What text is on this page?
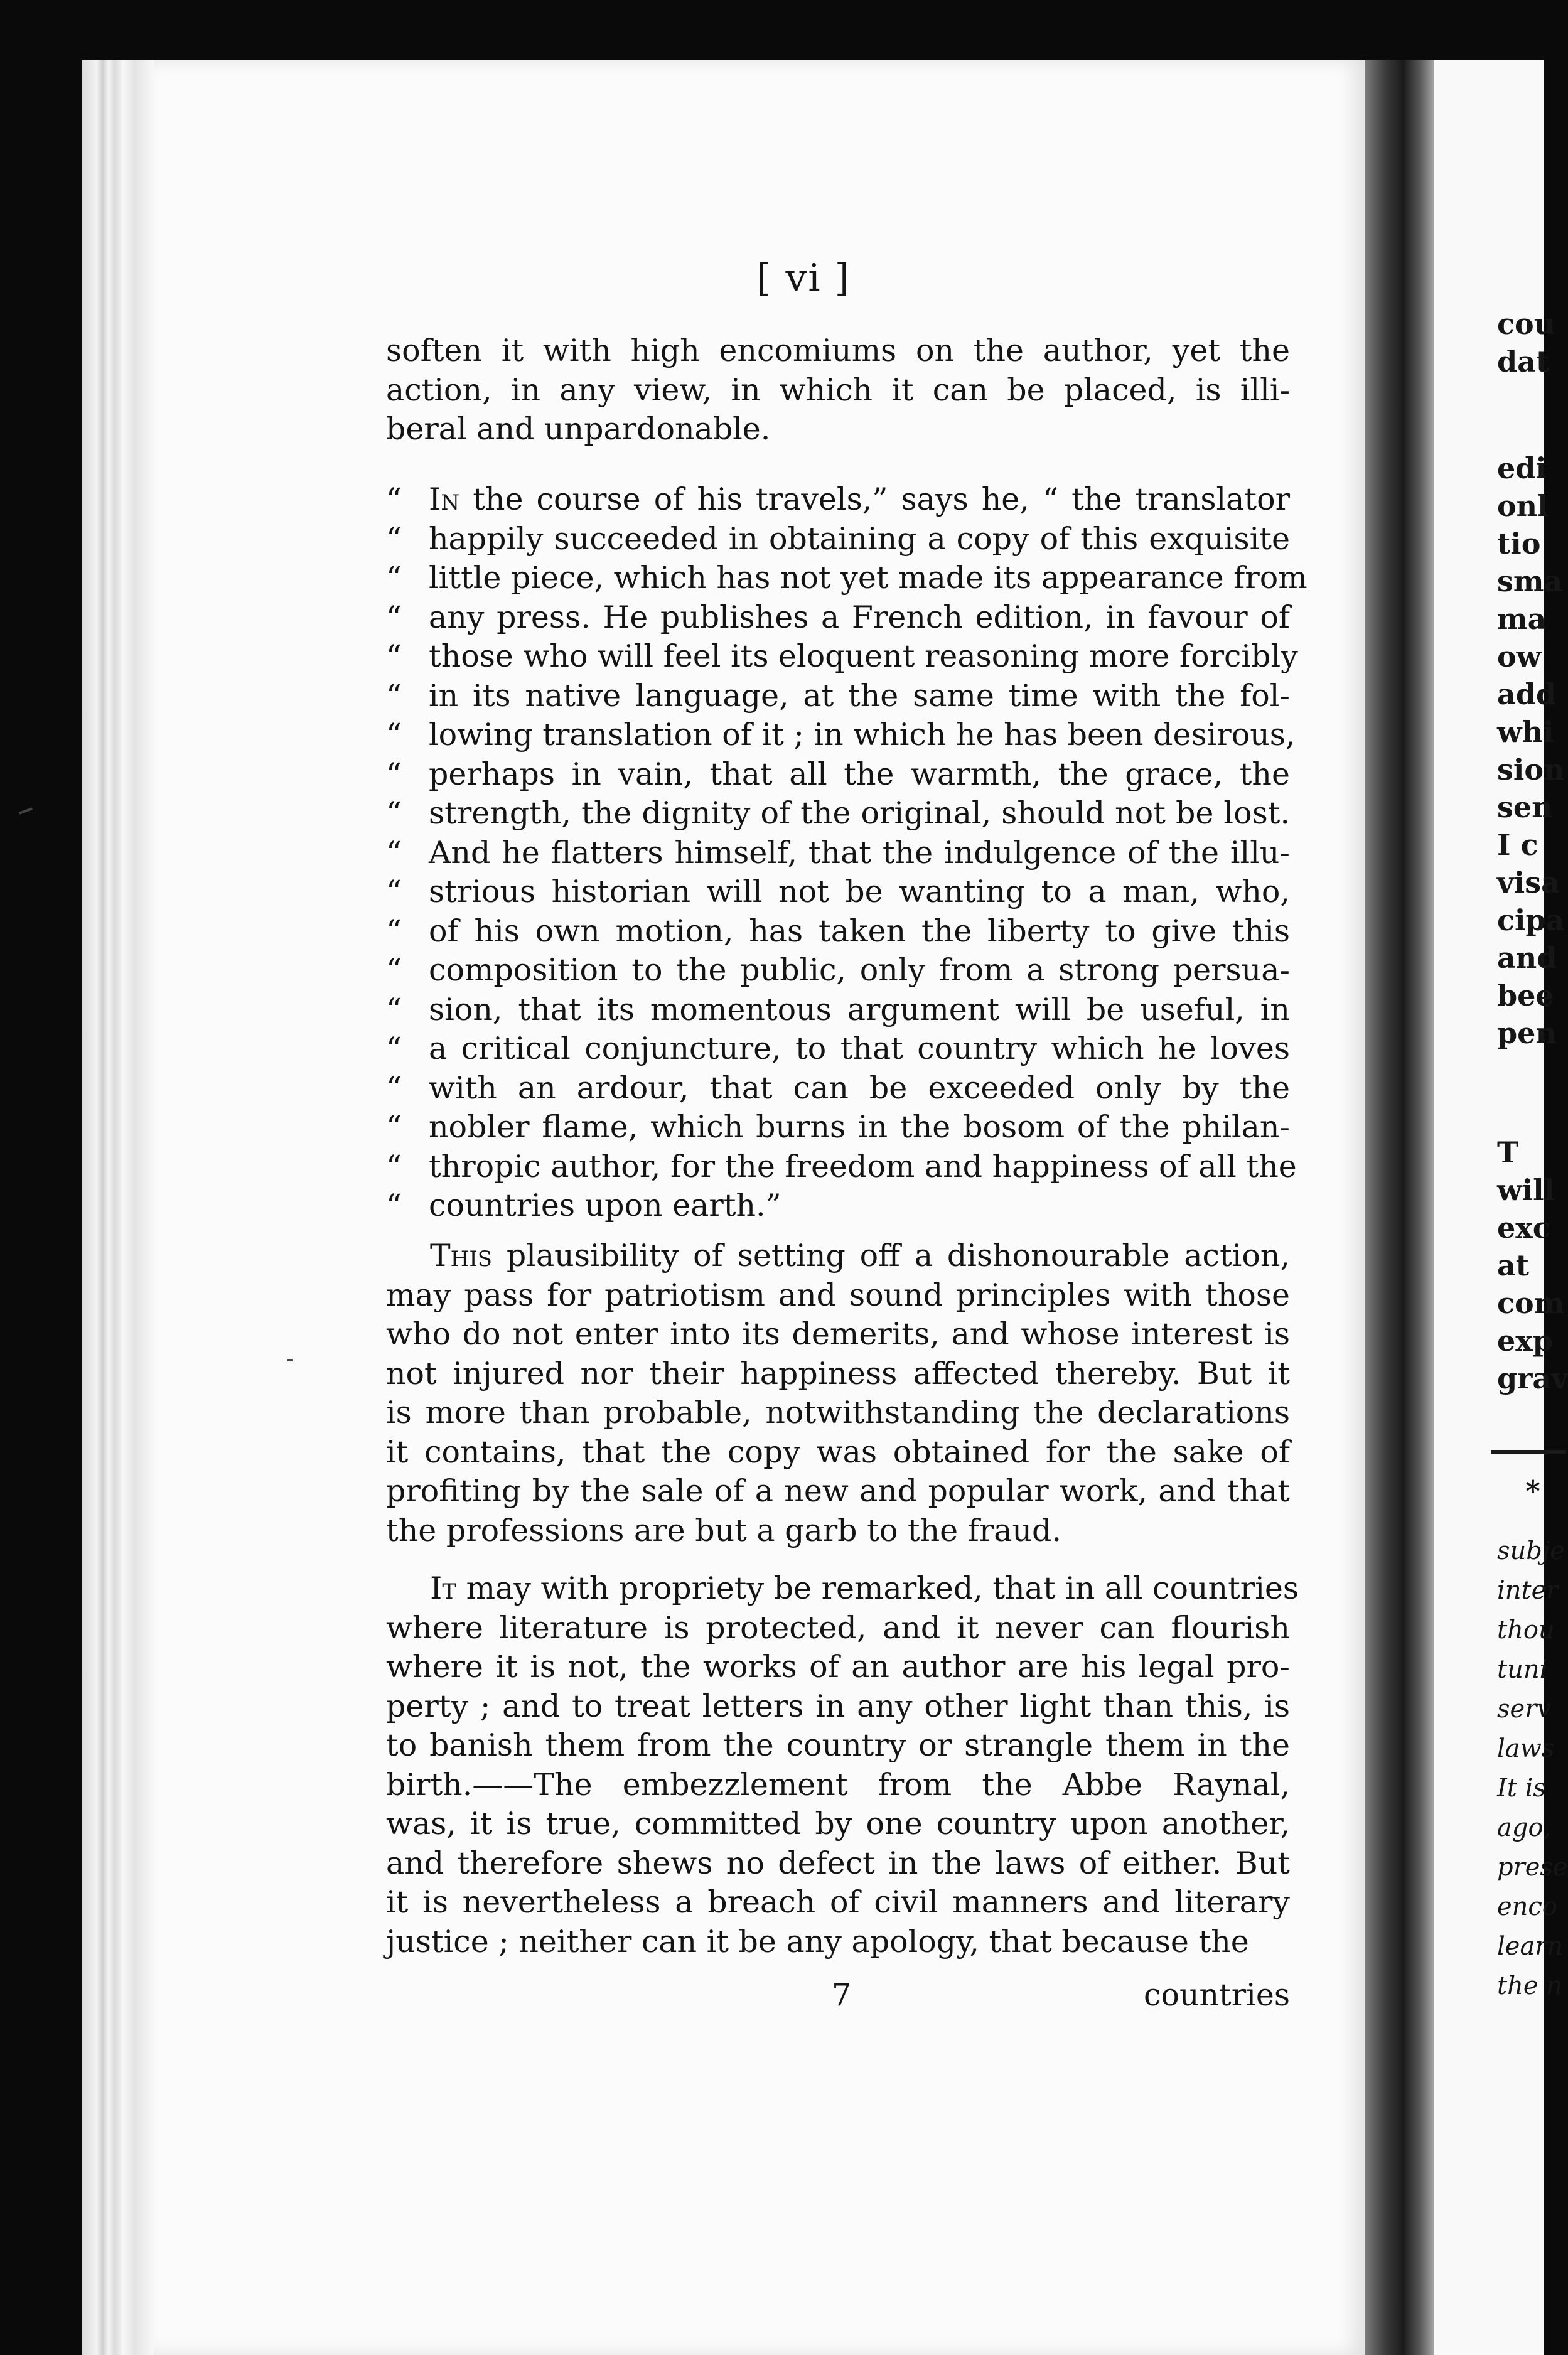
cou
dat
edi
onl
tio
sma
ma
ow
add
whi
sion
sen
I c
visa
cipa
and
bee
pen
T
will
exc
at
com
exp
grav
*
subje
inter
thou
tuni
serv
laws
It is
ago,
prese
enco
learn
the n
[ vi ]
soften it with high encomiums on the author, yet the
action, in any view, in which it can be placed, is illi-
beral and unpardonable.
“ In the course of his travels,” says he, “ the translator
“ happily succeeded in obtaining a copy of this exquisite
“ little piece, which has not yet made its appearance from
“ any press. He publishes a French edition, in favour of
“ those who will feel its eloquent reasoning more forcibly
“ in its native language, at the same time with the fol-
“ lowing translation of it ; in which he has been desirous,
“ perhaps in vain, that all the warmth, the grace, the
“ strength, the dignity of the original, should not be lost.
“ And he flatters himself, that the indulgence of the illu-
“ strious historian will not be wanting to a man, who,
“ of his own motion, has taken the liberty to give this
“ composition to the public, only from a strong persua-
“ sion, that its momentous argument will be useful, in
“ a critical conjuncture, to that country which he loves
“ with an ardour, that can be exceeded only by the
“ nobler flame, which burns in the bosom of the philan-
“ thropic author, for the freedom and happiness of all the
“ countries upon earth.”
This plausibility of setting off a dishonourable action,
may pass for patriotism and sound principles with those
who do not enter into its demerits, and whose interest is
not injured nor their happiness affected thereby. But it
is more than probable, notwithstanding the declarations
it contains, that the copy was obtained for the sake of
profiting by the sale of a new and popular work, and that
the professions are but a garb to the fraud.
It may with propriety be remarked, that in all countries
where literature is protected, and it never can flourish
where it is not, the works of an author are his legal pro-
perty ; and to treat letters in any other light than this, is
to banish them from the country or strangle them in the
birth.——The embezzlement from the Abbe Raynal,
was, it is true, committed by one country upon another,
and therefore shews no defect in the laws of either. But
it is nevertheless a breach of civil manners and literary
justice ; neither can it be any apology, that because the
7	countries
